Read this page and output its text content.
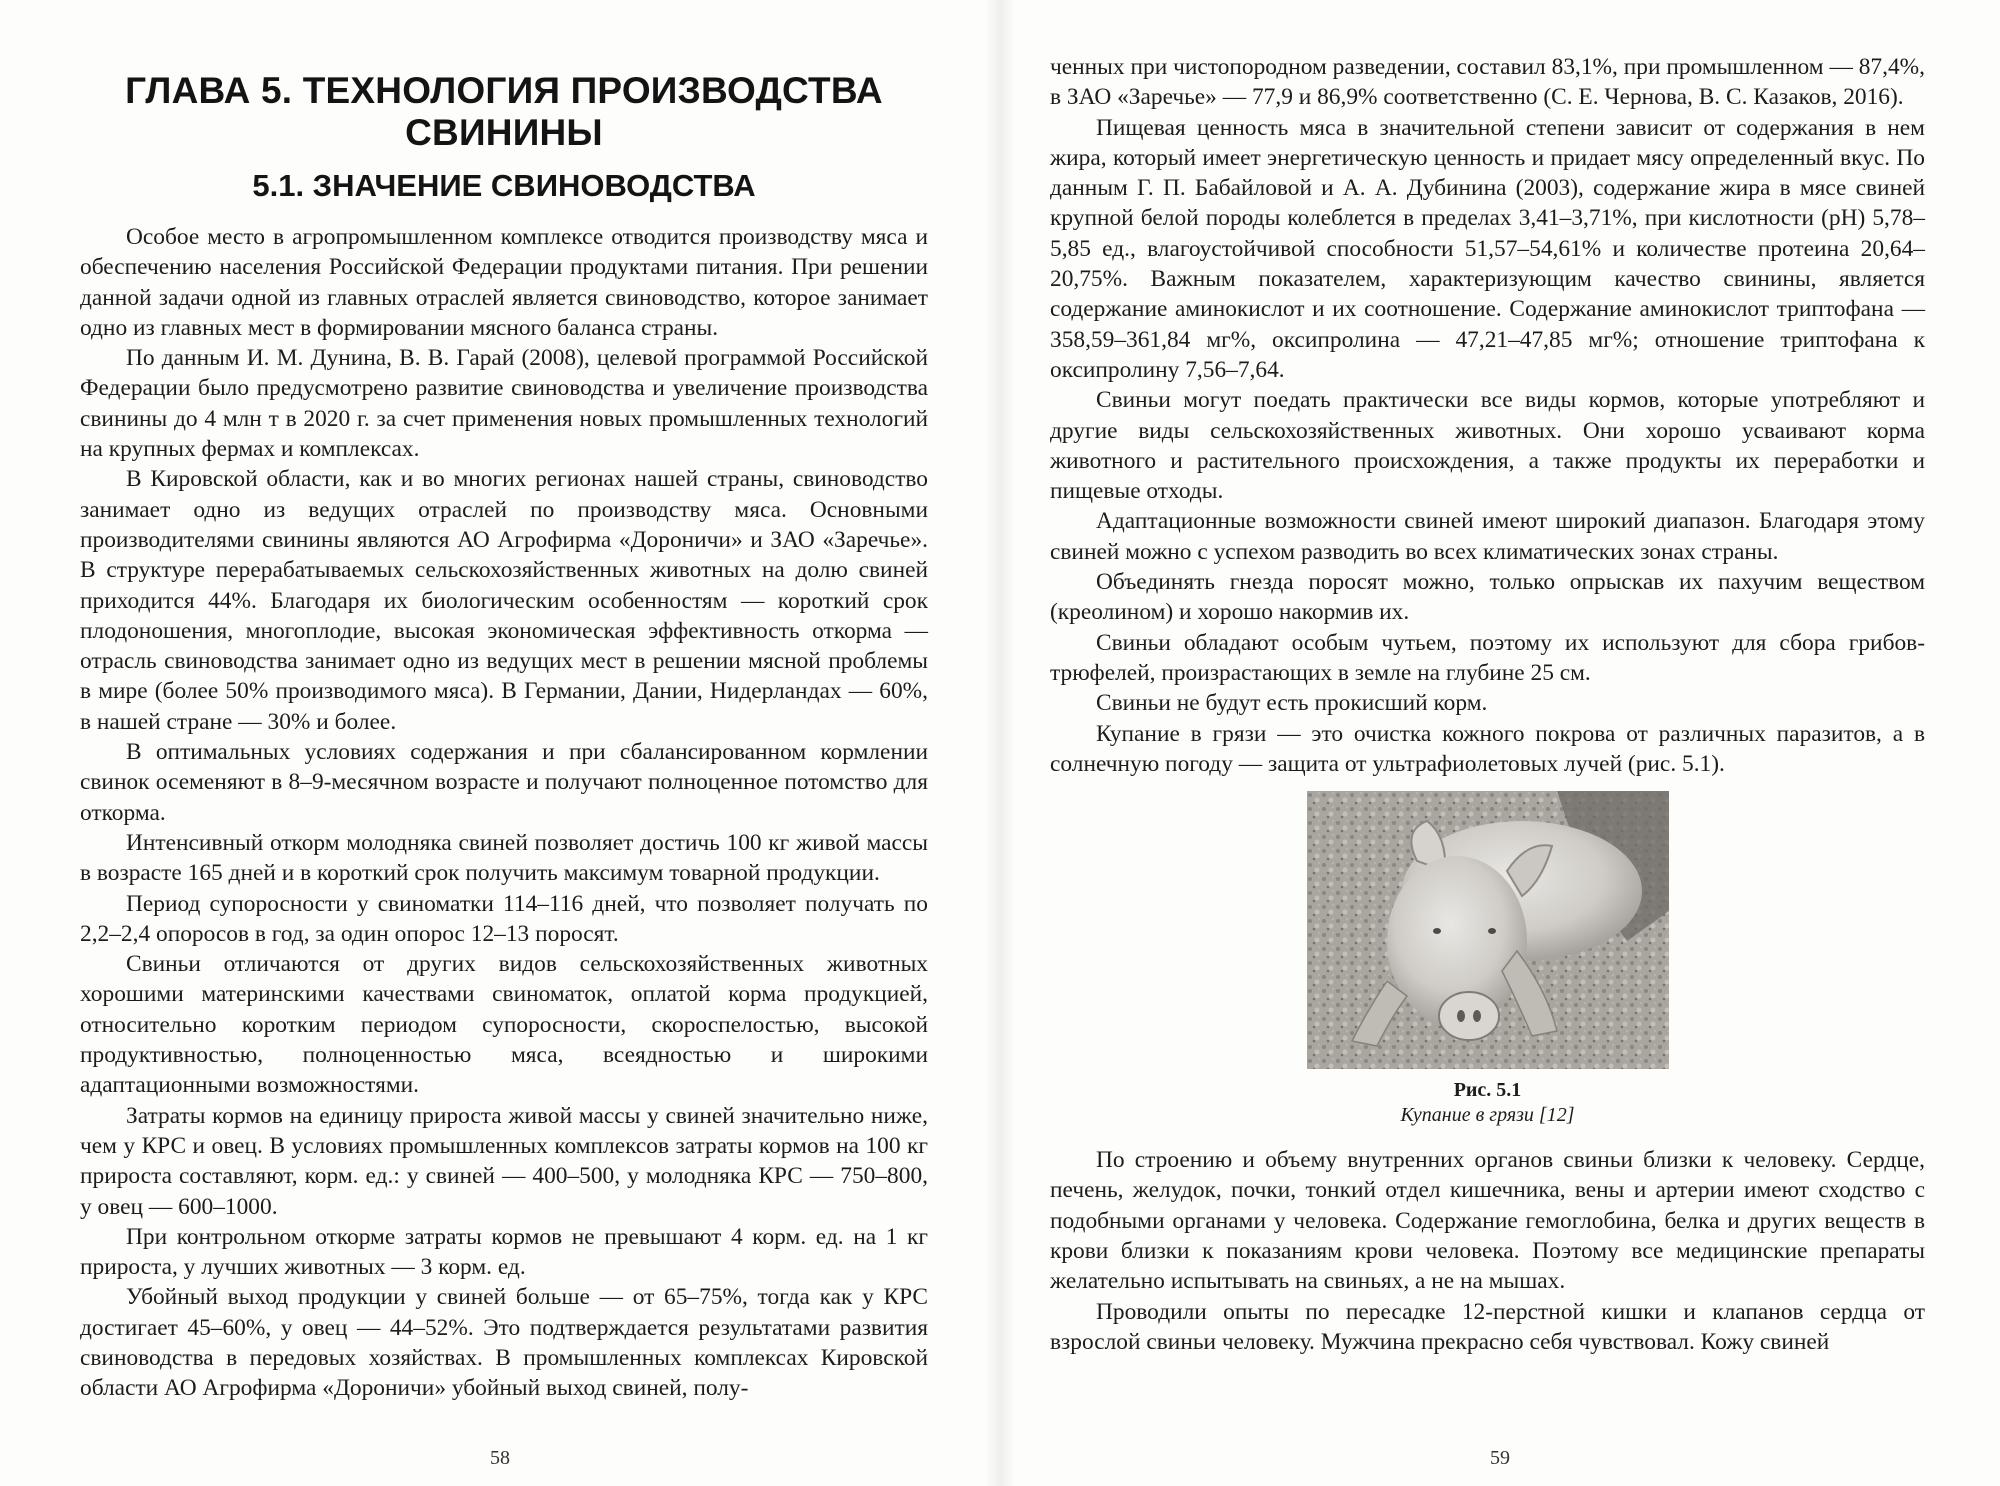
ГЛАВА 5. ТЕХНОЛОГИЯ ПРОИЗВОДСТВА СВИНИНЫ
5.1. ЗНАЧЕНИЕ СВИНОВОДСТВА

Особое место в агропромышленном комплексе отводится производству мяса и обеспечению населения Российской Федерации продуктами питания. При решении данной задачи одной из главных отраслей является свиноводство, которое занимает одно из главных мест в формировании мясного баланса страны.

По данным И. М. Дунина, В. В. Гарай (2008), целевой программой Российской Федерации было предусмотрено развитие свиноводства и увеличение производства свинины до 4 млн т в 2020 г. за счет применения новых промышленных технологий на крупных фермах и комплексах.

В Кировской области, как и во многих регионах нашей страны, свиноводство занимает одно из ведущих отраслей по производству мяса. Основными производителями свинины являются АО Агрофирма «Дороничи» и ЗАО «Заречье». В структуре перерабатываемых сельскохозяйственных животных на долю свиней приходится 44%. Благодаря их биологическим особенностям — короткий срок плодоношения, многоплодие, высокая экономическая эффективность откорма — отрасль свиноводства занимает одно из ведущих мест в решении мясной проблемы в мире (более 50% производимого мяса). В Германии, Дании, Нидерландах — 60%, в нашей стране — 30% и более.

В оптимальных условиях содержания и при сбалансированном кормлении свинок осеменяют в 8–9-месячном возрасте и получают полноценное потомство для откорма.

Интенсивный откорм молодняка свиней позволяет достичь 100 кг живой массы в возрасте 165 дней и в короткий срок получить максимум товарной продукции.

Период супоросности у свиноматки 114–116 дней, что позволяет получать по 2,2–2,4 опоросов в год, за один опорос 12–13 поросят.

Свиньи отличаются от других видов сельскохозяйственных животных хорошими материнскими качествами свиноматок, оплатой корма продукцией, относительно коротким периодом супоросности, скороспелостью, высокой продуктивностью, полноценностью мяса, всеядностью и широкими адаптационными возможностями.

Затраты кормов на единицу прироста живой массы у свиней значительно ниже, чем у КРС и овец. В условиях промышленных комплексов затраты кормов на 100 кг прироста составляют, корм. ед.: у свиней — 400–500, у молодняка КРС — 750–800, у овец — 600–1000.

При контрольном откорме затраты кормов не превышают 4 корм. ед. на 1 кг прироста, у лучших животных — 3 корм. ед.

Убойный выход продукции у свиней больше — от 65–75%, тогда как у КРС достигает 45–60%, у овец — 44–52%. Это подтверждается результатами развития свиноводства в передовых хозяйствах. В промышленных комплексах Кировской области АО Агрофирма «Дороничи» убойный выход свиней, полу-

58

ченных при чистопородном разведении, составил 83,1%, при промышленном — 87,4%, в ЗАО «Заречье» — 77,9 и 86,9% соответственно (С. Е. Чернова, В. С. Казаков, 2016).

Пищевая ценность мяса в значительной степени зависит от содержания в нем жира, который имеет энергетическую ценность и придает мясу определенный вкус. По данным Г. П. Бабайловой и А. А. Дубинина (2003), содержание жира в мясе свиней крупной белой породы колеблется в пределах 3,41–3,71%, при кислотности (рН) 5,78–5,85 ед., влагоустойчивой способности 51,57–54,61% и количестве протеина 20,64–20,75%. Важным показателем, характеризующим качество свинины, является содержание аминокислот и их соотношение. Содержание аминокислот триптофана — 358,59–361,84 мг%, оксипролина — 47,21–47,85 мг%; отношение триптофана к оксипролину 7,56–7,64.

Свиньи могут поедать практически все виды кормов, которые употребляют и другие виды сельскохозяйственных животных. Они хорошо усваивают корма животного и растительного происхождения, а также продукты их переработки и пищевые отходы.

Адаптационные возможности свиней имеют широкий диапазон. Благодаря этому свиней можно с успехом разводить во всех климатических зонах страны.

Объединять гнезда поросят можно, только опрыскав их пахучим веществом (креолином) и хорошо накормив их.

Свиньи обладают особым чутьем, поэтому их используют для сбора грибов-трюфелей, произрастающих в земле на глубине 25 см.

Свиньи не будут есть прокисший корм.

Купание в грязи — это очистка кожного покрова от различных паразитов, а в солнечную погоду — защита от ультрафиолетовых лучей (рис. 5.1).

Рис. 5.1
Купание в грязи [12]

По строению и объему внутренних органов свиньи близки к человеку. Сердце, печень, желудок, почки, тонкий отдел кишечника, вены и артерии имеют сходство с подобными органами у человека. Содержание гемоглобина, белка и других веществ в крови близки к показаниям крови человека. Поэтому все медицинские препараты желательно испытывать на свиньях, а не на мышах.

Проводили опыты по пересадке 12-перстной кишки и клапанов сердца от взрослой свиньи человеку. Мужчина прекрасно себя чувствовал. Кожу свиней

59
